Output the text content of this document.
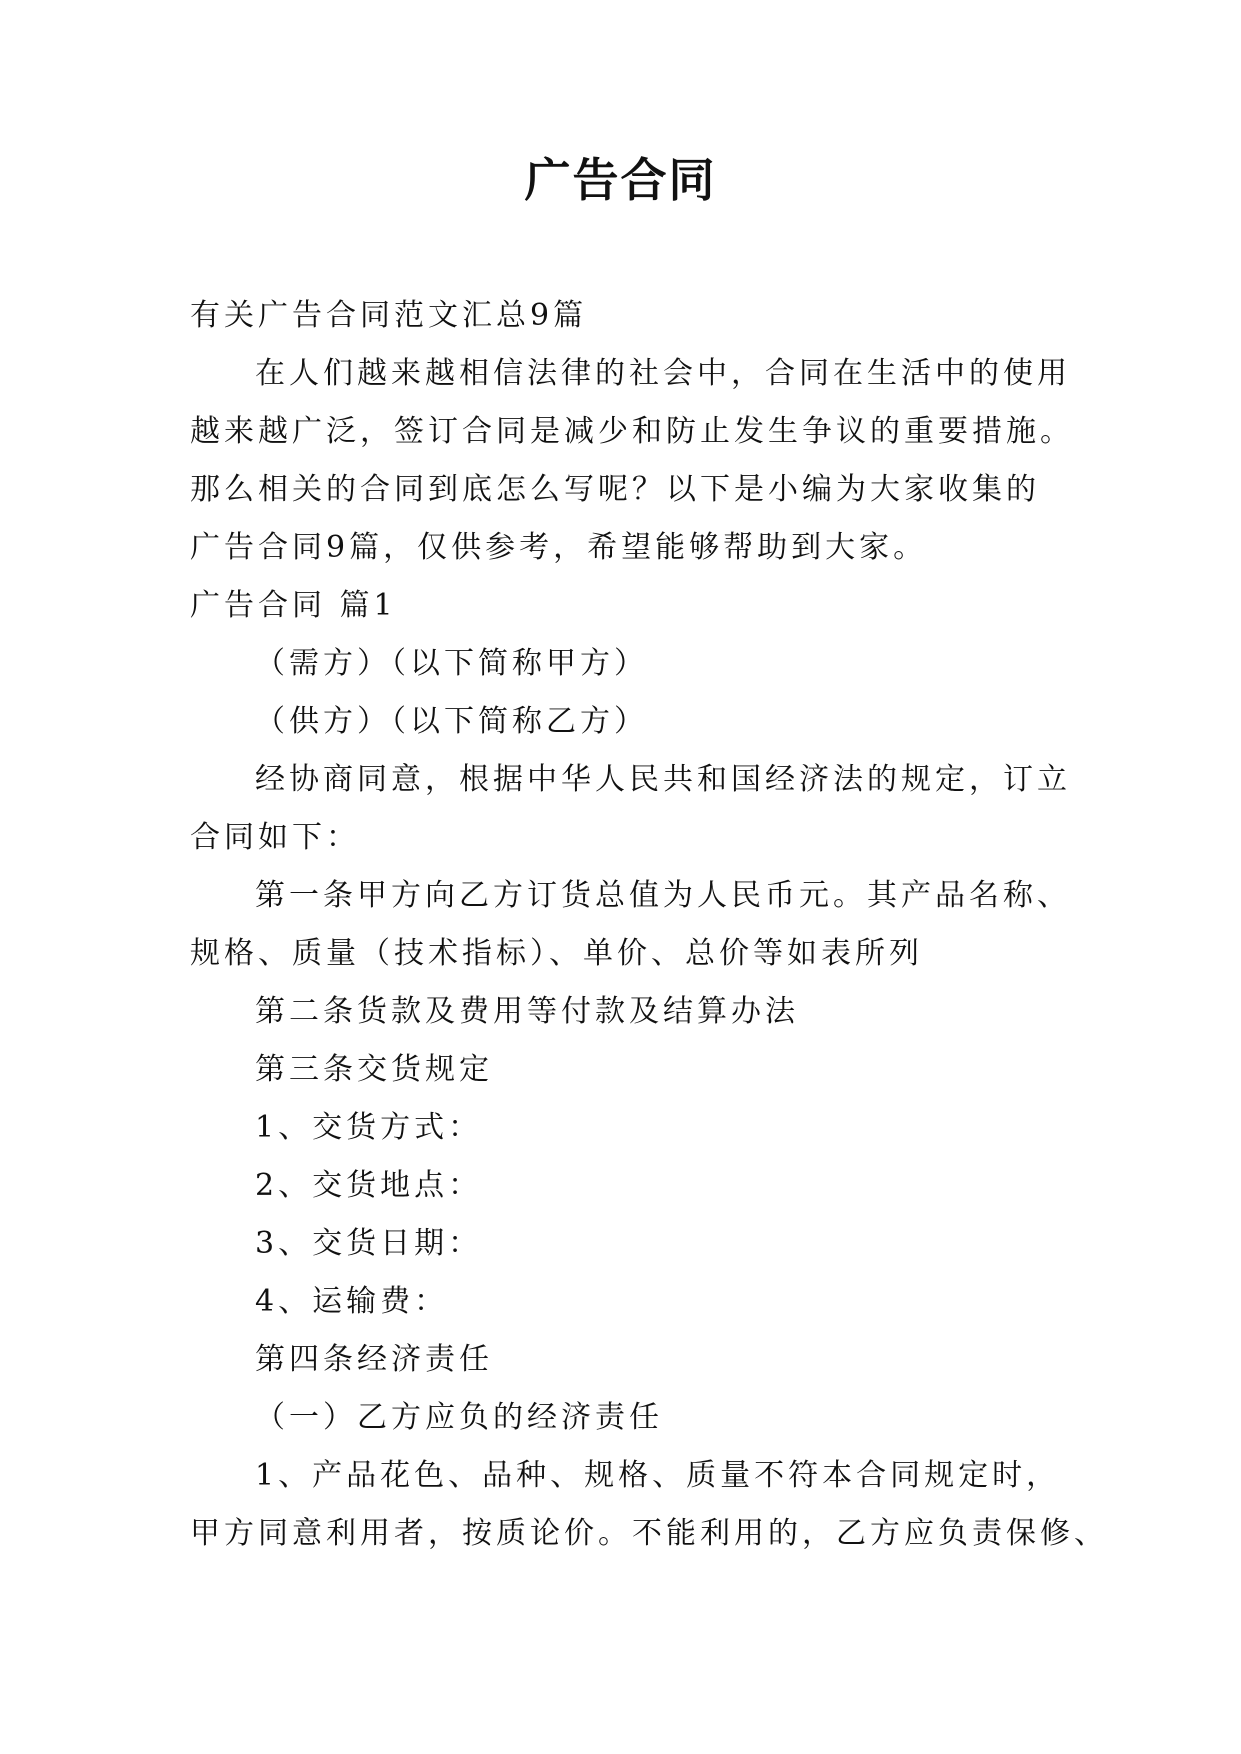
广告合同
有关广告合同范文汇总9篇
在人们越来越相信法律的社会中，合同在生活中的使用
越来越广泛，签订合同是减少和防止发生争议的重要措施。
那么相关的合同到底怎么写呢？以下是小编为大家收集的
广告合同9篇，仅供参考，希望能够帮助到大家。
广告合同 篇1
（需方）（以下简称甲方）
（供方）（以下简称乙方）
经协商同意，根据中华人民共和国经济法的规定，订立
合同如下：
第一条甲方向乙方订货总值为人民币元。其产品名称、
规格、质量（技术指标）、单价、总价等如表所列
第二条货款及费用等付款及结算办法
第三条交货规定
1、交货方式：
2、交货地点：
3、交货日期：
4、运输费：
第四条经济责任
（一）乙方应负的经济责任
1、产品花色、品种、规格、质量不符本合同规定时，
甲方同意利用者，按质论价。不能利用的，乙方应负责保修、
